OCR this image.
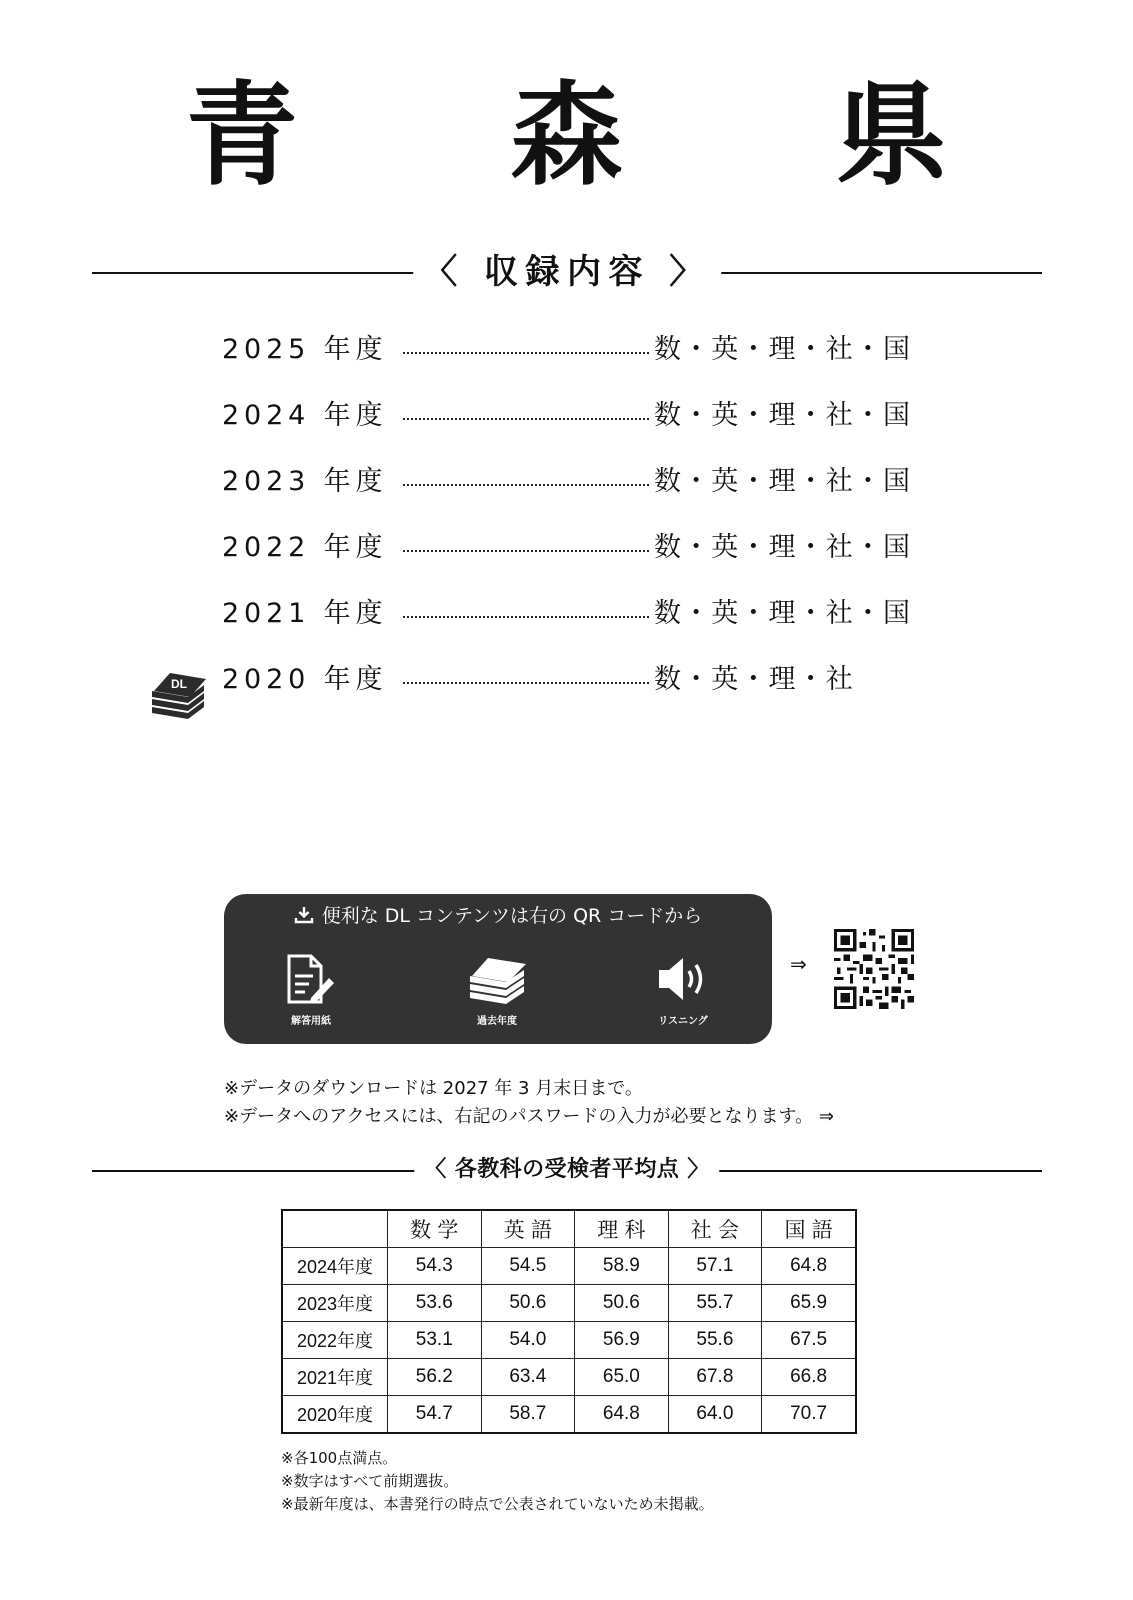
青　森　県
〈 収録内容 〉
2025 年度	数・英・理・社・国
2024 年度	数・英・理・社・国
2023 年度	数・英・理・社・国
2022 年度	数・英・理・社・国
2021 年度	数・英・理・社・国
2020 年度	数・英・理・社
DL
便利な DL コンテンツは右の QR コードから
解答用紙	過去年度	リスニング
⇒
※データのダウンロードは 2027 年 3 月末日まで。
※データへのアクセスには、右記のパスワードの入力が必要となります。 ⇒
〈 各教科の受検者平均点 〉
	数学	英語	理科	社会	国語
2024年度	54.3	54.5	58.9	57.1	64.8
2023年度	53.6	50.6	50.6	55.7	65.9
2022年度	53.1	54.0	56.9	55.6	67.5
2021年度	56.2	63.4	65.0	67.8	66.8
2020年度	54.7	58.7	64.8	64.0	70.7
※各100点満点。
※数字はすべて前期選抜。
※最新年度は、本書発行の時点で公表されていないため未掲載。
